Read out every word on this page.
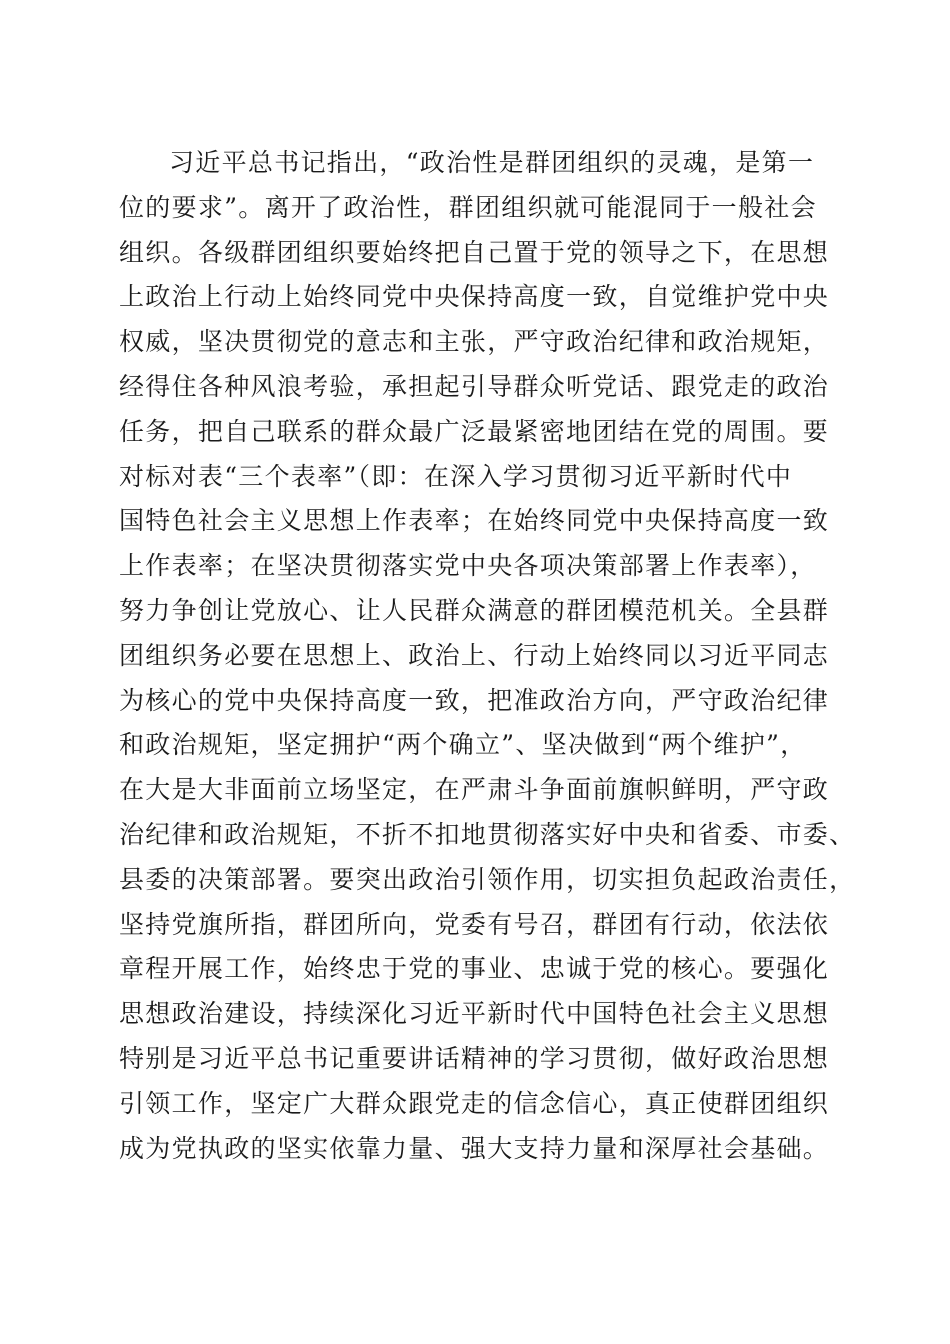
习近平总书记指出，“政治性是群团组织的灵魂，是第一
位的要求”。离开了政治性，群团组织就可能混同于一般社会
组织。各级群团组织要始终把自己置于党的领导之下，在思想
上政治上行动上始终同党中央保持高度一致，自觉维护党中央
权威，坚决贯彻党的意志和主张，严守政治纪律和政治规矩，
经得住各种风浪考验，承担起引导群众听党话、跟党走的政治
任务，把自己联系的群众最广泛最紧密地团结在党的周围。要
对标对表“三个表率”（即：在深入学习贯彻习近平新时代中
国特色社会主义思想上作表率；在始终同党中央保持高度一致
上作表率；在坚决贯彻落实党中央各项决策部署上作表率），
努力争创让党放心、让人民群众满意的群团模范机关。全县群
团组织务必要在思想上、政治上、行动上始终同以习近平同志
为核心的党中央保持高度一致，把准政治方向，严守政治纪律
和政治规矩，坚定拥护“两个确立”、坚决做到“两个维护”，
在大是大非面前立场坚定，在严肃斗争面前旗帜鲜明，严守政
治纪律和政治规矩，不折不扣地贯彻落实好中央和省委、市委、
县委的决策部署。要突出政治引领作用，切实担负起政治责任，
坚持党旗所指，群团所向，党委有号召，群团有行动，依法依
章程开展工作，始终忠于党的事业、忠诚于党的核心。要强化
思想政治建设，持续深化习近平新时代中国特色社会主义思想
特别是习近平总书记重要讲话精神的学习贯彻，做好政治思想
引领工作，坚定广大群众跟党走的信念信心，真正使群团组织
成为党执政的坚实依靠力量、强大支持力量和深厚社会基础。
